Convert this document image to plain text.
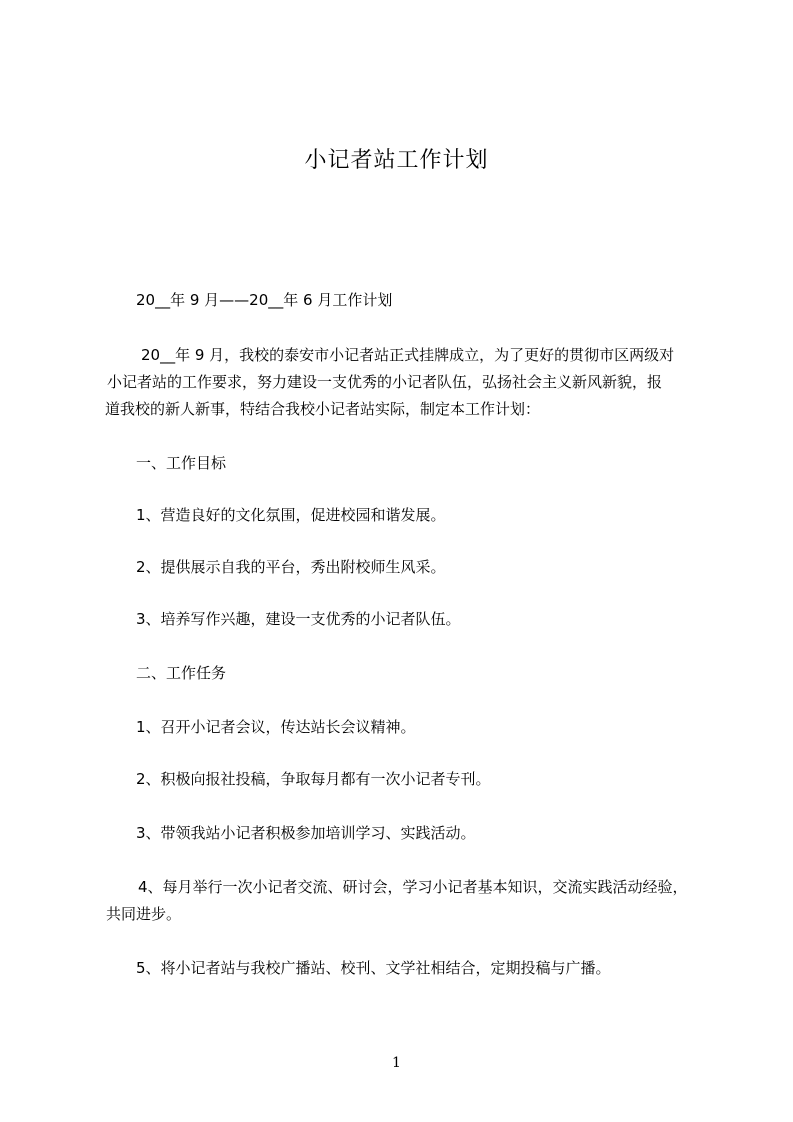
小记者站工作计划
20__年 9 月——20__年 6 月工作计划
20__年 9 月，我校的泰安市小记者站正式挂牌成立，为了更好的贯彻市区两级对
小记者站的工作要求，努力建设一支优秀的小记者队伍，弘扬社会主义新风新貌，报
道我校的新人新事，特结合我校小记者站实际，制定本工作计划：
一、工作目标
1、营造良好的文化氛围，促进校园和谐发展。
2、提供展示自我的平台，秀出附校师生风采。
3、培养写作兴趣，建设一支优秀的小记者队伍。
二、工作任务
1、召开小记者会议，传达站长会议精神。
2、积极向报社投稿，争取每月都有一次小记者专刊。
3、带领我站小记者积极参加培训学习、实践活动。
4、每月举行一次小记者交流、研讨会，学习小记者基本知识，交流实践活动经验，
共同进步。
5、将小记者站与我校广播站、校刊、文学社相结合，定期投稿与广播。
1
